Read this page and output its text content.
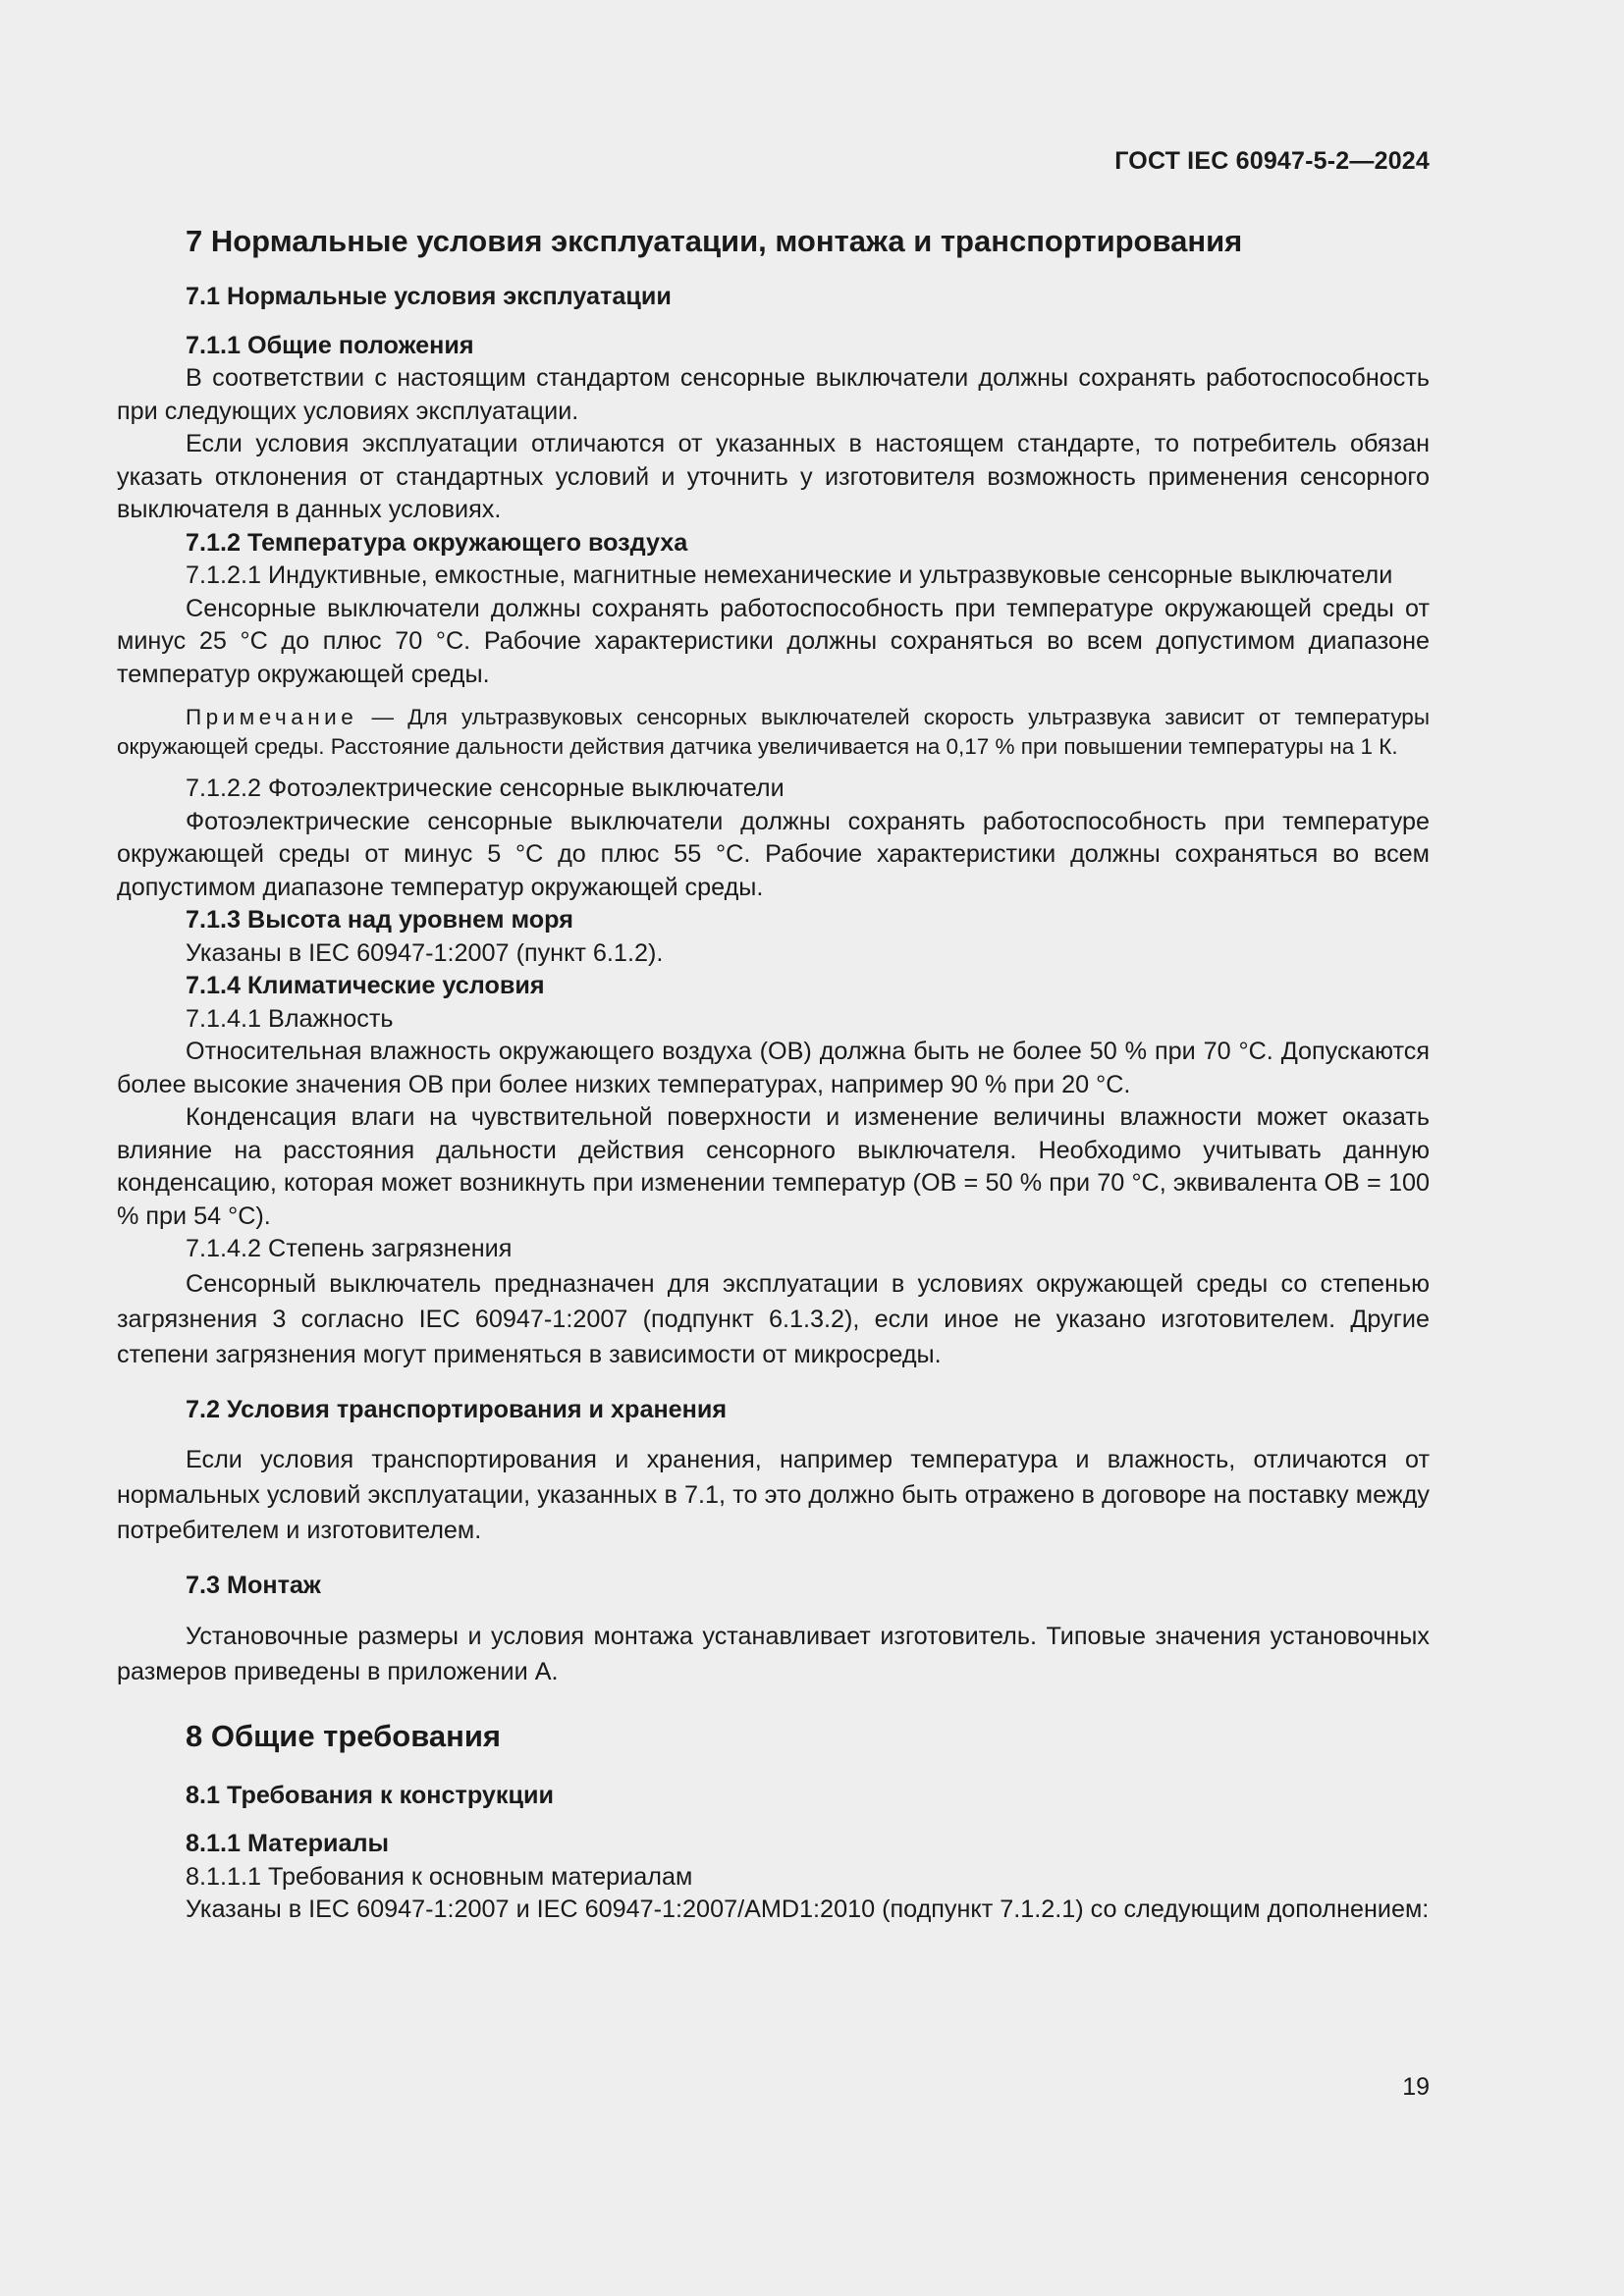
ГОСТ IEC 60947-5-2—2024
7 Нормальные условия эксплуатации, монтажа и транспортирования
7.1 Нормальные условия эксплуатации
7.1.1 Общие положения

В соответствии с настоящим стандартом сенсорные выключатели должны сохранять работоспособность при следующих условиях эксплуатации.

Если условия эксплуатации отличаются от указанных в настоящем стандарте, то потребитель обязан указать отклонения от стандартных условий и уточнить у изготовителя возможность применения сенсорного выключателя в данных условиях.

7.1.2 Температура окружающего воздуха

7.1.2.1 Индуктивные, емкостные, магнитные немеханические и ультразвуковые сенсорные выключатели

Сенсорные выключатели должны сохранять работоспособность при температуре окружающей среды от минус 25 °C до плюс 70 °C. Рабочие характеристики должны сохраняться во всем допустимом диапазоне температур окружающей среды.

Примечание — Для ультразвуковых сенсорных выключателей скорость ультразвука зависит от температуры окружающей среды. Расстояние дальности действия датчика увеличивается на 0,17 % при повышении температуры на 1 К.

7.1.2.2 Фотоэлектрические сенсорные выключатели

Фотоэлектрические сенсорные выключатели должны сохранять работоспособность при температуре окружающей среды от минус 5 °C до плюс 55 °C. Рабочие характеристики должны сохраняться во всем допустимом диапазоне температур окружающей среды.

7.1.3 Высота над уровнем моря

Указаны в IEC 60947-1:2007 (пункт 6.1.2).

7.1.4 Климатические условия

7.1.4.1 Влажность

Относительная влажность окружающего воздуха (ОВ) должна быть не более 50 % при 70 °C. Допускаются более высокие значения ОВ при более низких температурах, например 90 % при 20 °C.

Конденсация влаги на чувствительной поверхности и изменение величины влажности может оказать влияние на расстояния дальности действия сенсорного выключателя. Необходимо учитывать данную конденсацию, которая может возникнуть при изменении температур (ОВ = 50 % при 70 °C, эквивалента ОВ = 100 % при 54 °C).

7.1.4.2 Степень загрязнения

Сенсорный выключатель предназначен для эксплуатации в условиях окружающей среды со степенью загрязнения 3 согласно IEC 60947-1:2007 (подпункт 6.1.3.2), если иное не указано изготовителем. Другие степени загрязнения могут применяться в зависимости от микросреды.

7.2 Условия транспортирования и хранения

Если условия транспортирования и хранения, например температура и влажность, отличаются от нормальных условий эксплуатации, указанных в 7.1, то это должно быть отражено в договоре на поставку между потребителем и изготовителем.

7.3 Монтаж

Установочные размеры и условия монтажа устанавливает изготовитель. Типовые значения установочных размеров приведены в приложении А.

8 Общие требования
8.1 Требования к конструкции
8.1.1 Материалы

8.1.1.1 Требования к основным материалам

Указаны в IEC 60947-1:2007 и IEC 60947-1:2007/AMD1:2010 (подпункт 7.1.2.1) со следующим дополнением:

19
